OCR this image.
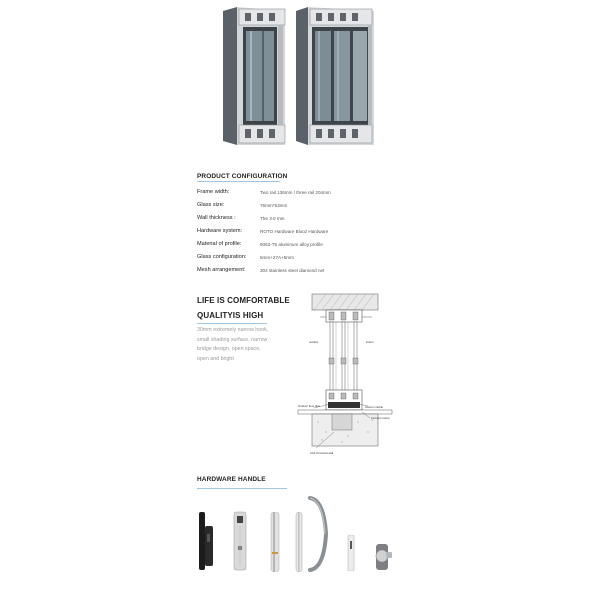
PRODUCT CONFIGURATION
Frame width:	Two rail 136mm / three rail 204mm
Glass size:	76mm*53mm
Wall thickness :	The 3.0 mm
Hardware system:	ROTO Hardware Blooz Hardware
Material of profile:	6063-T5 aluminum alloy profile
Glass configuration:	5mm+27A+5mm
Mesh arrangement:	304 stainless steel diamond net
LIFE IS COMFORTABLE
QUALITYIS HIGH
30mm extremely narrow hook,
small shading surface, narrow
bridge design, open space,
open and bright
outdoor	indoor
Outdoor floor tiles	Interior marble
Cement mortar
Civil structural wall
HARDWARE HANDLE
